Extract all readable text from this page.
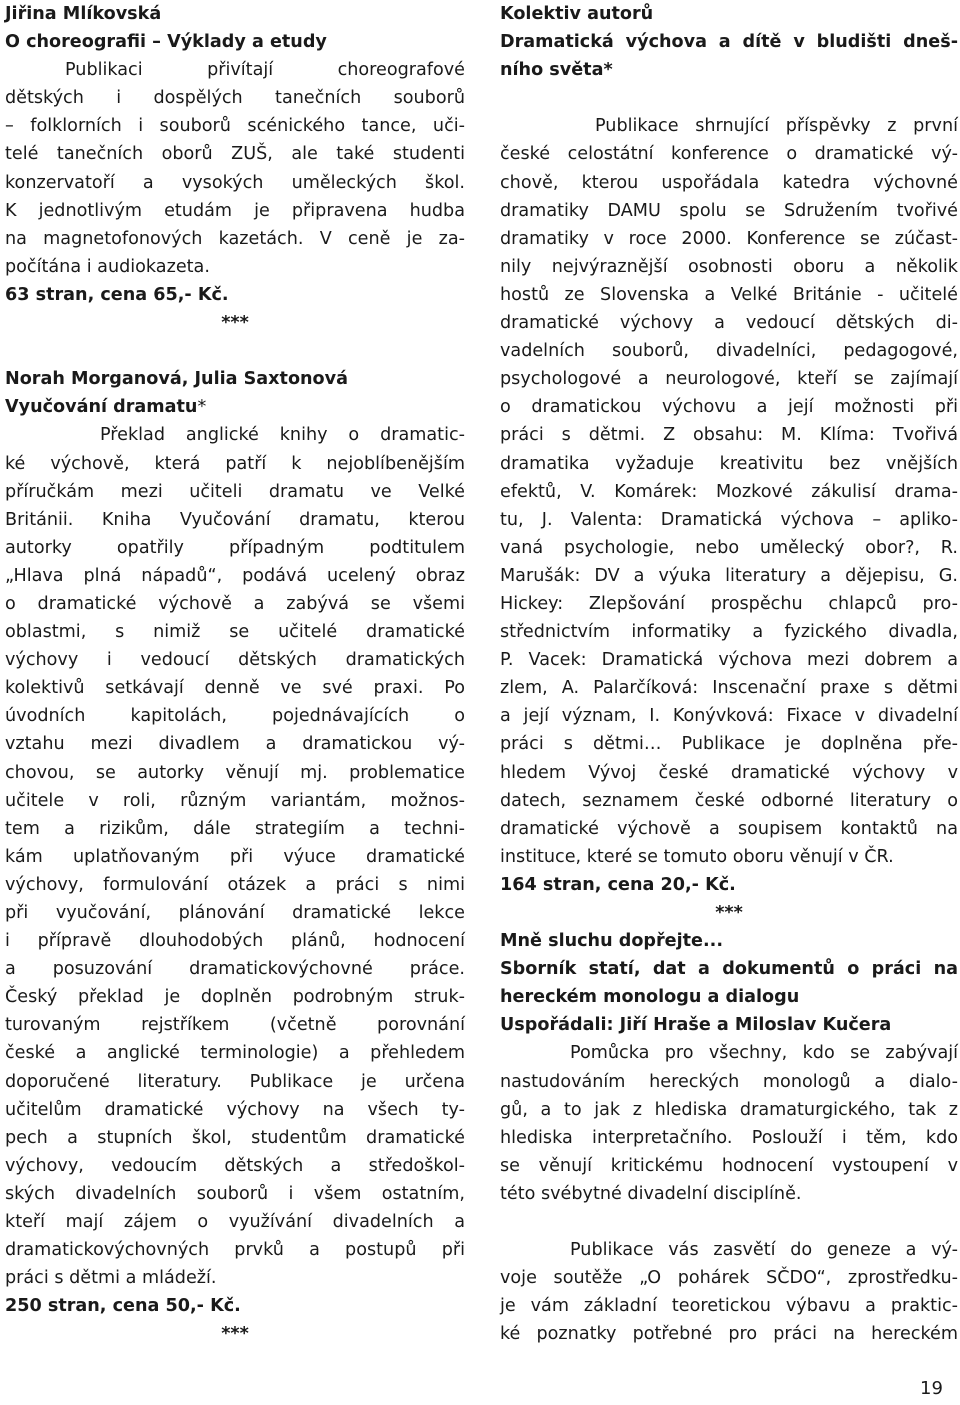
Jiřina Mlíkovská
O choreografii – Výklady a etudy
Publikaci přivítají choreografové
dětských i dospělých tanečních souborů
– folklorních i souborů scénického tance, uči-
telé tanečních oborů ZUŠ, ale také studenti
konzervatoří a vysokých uměleckých škol.
K jednotlivým etudám je připravena hudba
na magnetofonových kazetách. V ceně je za-
počítána i audiokazeta.
63 stran, cena 65,- Kč.
***
Norah Morganová, Julia Saxtonová
Vyučování dramatu*
Překlad anglické knihy o dramatic-
ké výchově, která patří k nejoblíbenějším
příručkám mezi učiteli dramatu ve Velké
Británii. Kniha Vyučování dramatu, kterou
autorky opatřily případným podtitulem
„Hlava plná nápadů“, podává ucelený obraz
o dramatické výchově a zabývá se všemi
oblastmi, s nimiž se učitelé dramatické
výchovy i vedoucí dětských dramatických
kolektivů setkávají denně ve své praxi. Po
úvodních kapitolách, pojednávajících o
vztahu mezi divadlem a dramatickou vý-
chovou, se autorky věnují mj. problematice
učitele v roli, různým variantám, možnos-
tem a rizikům, dále strategiím a techni-
kám uplatňovaným při výuce dramatické
výchovy, formulování otázek a práci s nimi
při vyučování, plánování dramatické lekce
i přípravě dlouhodobých plánů, hodnocení
a posuzování dramatickovýchovné práce.
Český překlad je doplněn podrobným struk-
turovaným rejstříkem (včetně porovnání
české a anglické terminologie) a přehledem
doporučené literatury. Publikace je určena
učitelům dramatické výchovy na všech ty-
pech a stupních škol, studentům dramatické
výchovy, vedoucím dětských a středoškol-
ských divadelních souborů i všem ostatním,
kteří mají zájem o využívání divadelních a
dramatickovýchovných prvků a postupů při
práci s dětmi a mládeží.
250 stran, cena 50,- Kč.
***
Kolektiv autorů
Dramatická výchova a dítě v bludišti dneš-
ního světa*
Publikace shrnující příspěvky z první
české celostátní konference o dramatické vý-
chově, kterou uspořádala katedra výchovné
dramatiky DAMU spolu se Sdružením tvořivé
dramatiky v roce 2000. Konference se zúčast-
nily nejvýraznější osobnosti oboru a několik
hostů ze Slovenska a Velké Británie - učitelé
dramatické výchovy a vedoucí dětských di-
vadelních souborů, divadelníci, pedagogové,
psychologové a neurologové, kteří se zajímají
o dramatickou výchovu a její možnosti při
práci s dětmi. Z obsahu: M. Klíma: Tvořivá
dramatika vyžaduje kreativitu bez vnějších
efektů, V. Komárek: Mozkové zákulisí drama-
tu, J. Valenta: Dramatická výchova – apliko-
vaná psychologie, nebo umělecký obor?, R.
Marušák: DV a výuka literatury a dějepisu, G.
Hickey: Zlepšování prospěchu chlapců pro-
střednictvím informatiky a fyzického divadla,
P. Vacek: Dramatická výchova mezi dobrem a
zlem, A. Palarčíková: Inscenační praxe s dětmi
a její význam, I. Konývková: Fixace v divadelní
práci s dětmi… Publikace je doplněna pře-
hledem Vývoj české dramatické výchovy v
datech, seznamem české odborné literatury o
dramatické výchově a soupisem kontaktů na
instituce, které se tomuto oboru věnují v ČR.
164 stran, cena 20,- Kč.
***
Mně sluchu dopřejte...
Sborník statí, dat a dokumentů o práci na
hereckém monologu a dialogu
Uspořádali: Jiří Hraše a Miloslav Kučera
Pomůcka pro všechny, kdo se zabývají
nastudováním hereckých monologů a dialo-
gů, a to jak z hlediska dramaturgického, tak z
hlediska interpretačního. Poslouží i těm, kdo
se věnují kritickému hodnocení vystoupení v
této svébytné divadelní disciplíně.
Publikace vás zasvětí do geneze a vý-
voje soutěže „O pohárek SČDO“, zprostředku-
je vám základní teoretickou výbavu a praktic-
ké poznatky potřebné pro práci na hereckém
19
